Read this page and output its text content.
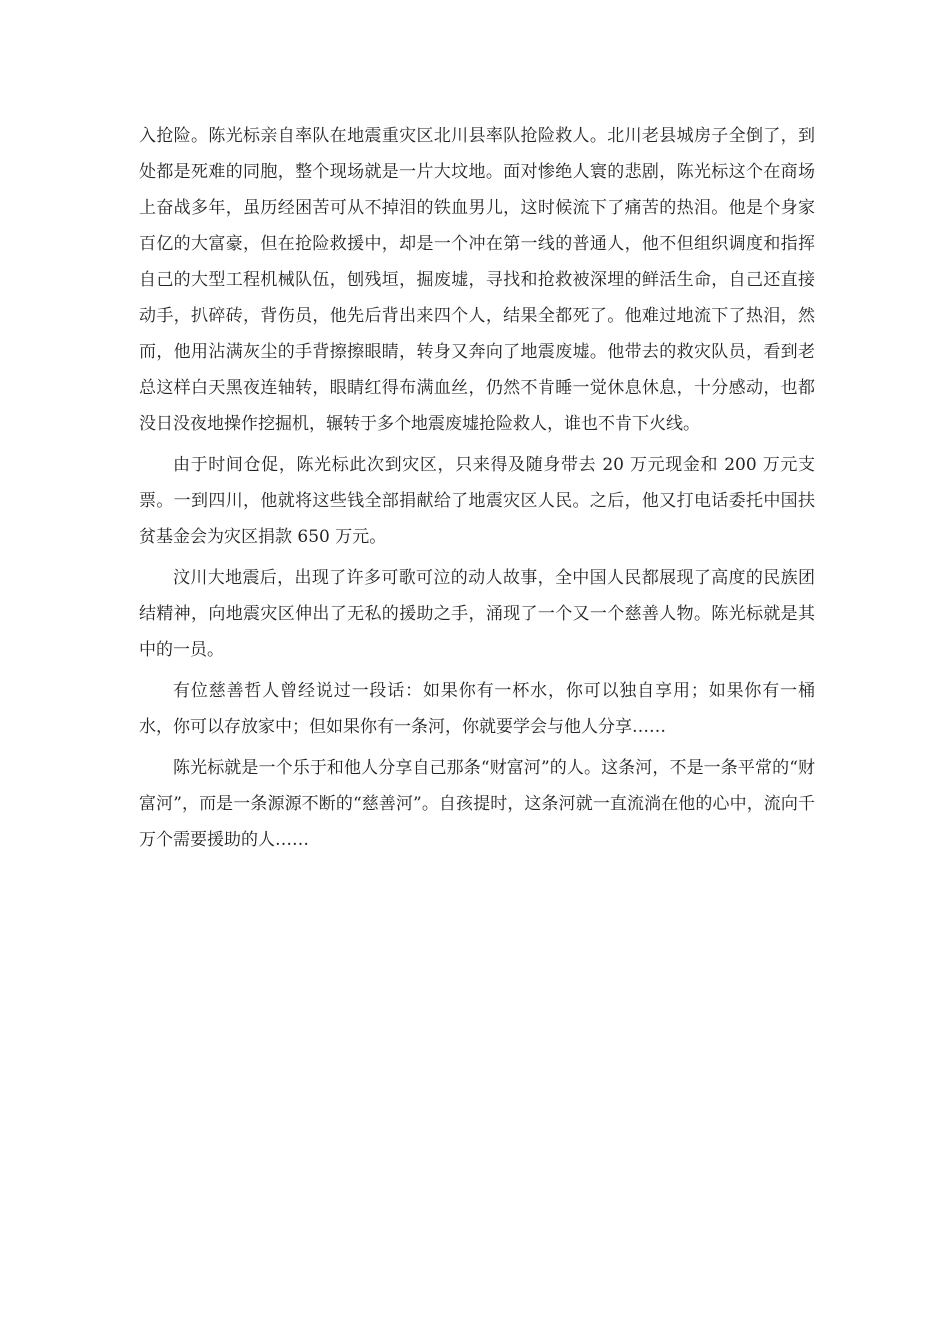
入抢险。陈光标亲自率队在地震重灾区北川县率队抢险救人。北川老县城房子全倒了，到处都是死难的同胞，整个现场就是一片大坟地。面对惨绝人寰的悲剧，陈光标这个在商场上奋战多年，虽历经困苦可从不掉泪的铁血男儿，这时候流下了痛苦的热泪。他是个身家百亿的大富豪，但在抢险救援中，却是一个冲在第一线的普通人，他不但组织调度和指挥自己的大型工程机械队伍，刨残垣，掘废墟，寻找和抢救被深埋的鲜活生命，自己还直接动手，扒碎砖，背伤员，他先后背出来四个人，结果全都死了。他难过地流下了热泪，然而，他用沾满灰尘的手背擦擦眼睛，转身又奔向了地震废墟。他带去的救灾队员，看到老总这样白天黑夜连轴转，眼睛红得布满血丝，仍然不肯睡一觉休息休息，十分感动，也都没日没夜地操作挖掘机，辗转于多个地震废墟抢险救人，谁也不肯下火线。

由于时间仓促，陈光标此次到灾区，只来得及随身带去 20 万元现金和 200 万元支票。一到四川，他就将这些钱全部捐献给了地震灾区人民。之后，他又打电话委托中国扶贫基金会为灾区捐款 650 万元。

汶川大地震后，出现了许多可歌可泣的动人故事，全中国人民都展现了高度的民族团结精神，向地震灾区伸出了无私的援助之手，涌现了一个又一个慈善人物。陈光标就是其中的一员。

有位慈善哲人曾经说过一段话：如果你有一杯水，你可以独自享用；如果你有一桶水，你可以存放家中；但如果你有一条河，你就要学会与他人分享……

陈光标就是一个乐于和他人分享自己那条“财富河”的人。这条河，不是一条平常的“财富河”，而是一条源源不断的“慈善河”。自孩提时，这条河就一直流淌在他的心中，流向千万个需要援助的人……
